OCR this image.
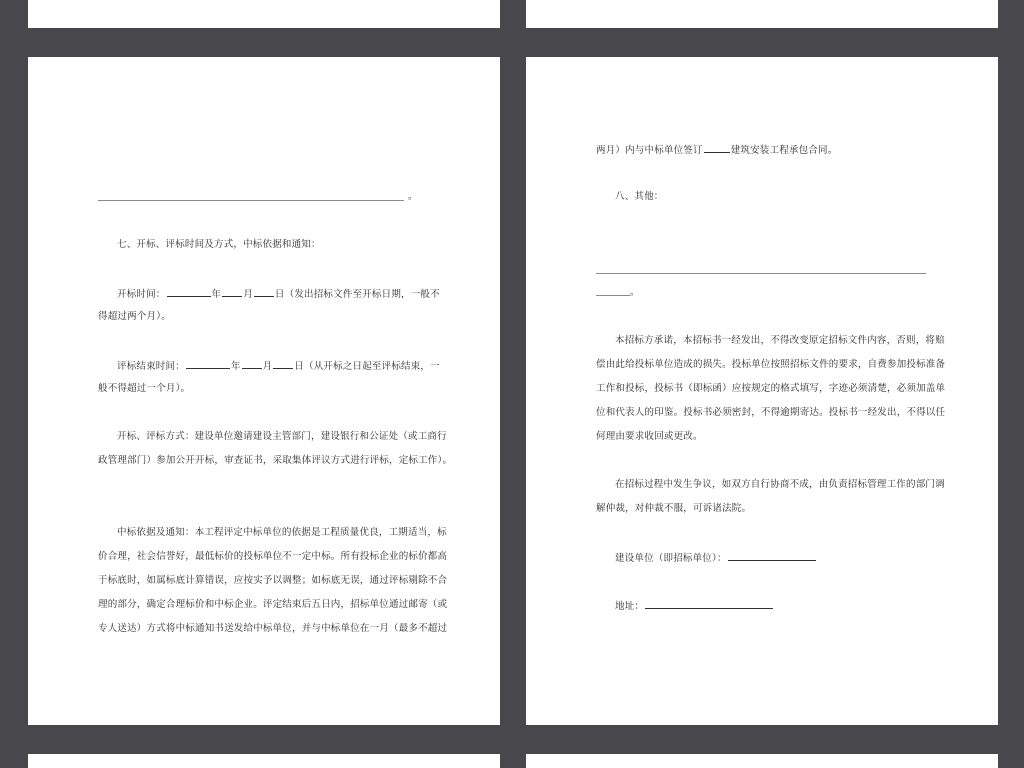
。
七、开标、评标时间及方式，中标依据和通知：
开标时间：	年 月 日（发出招标文件至开标日期，一般不
得超过两个月）。
评标结束时间：	年 月 日（从开标之日起至评标结束，一
般不得超过一个月）。
开标、评标方式：建设单位邀请建设主管部门，建设银行和公证处（或工商行
政管理部门）参加公开开标，审查证书，采取集体评议方式进行评标，定标工作）。
中标依据及通知：本工程评定中标单位的依据是工程质量优良，工期适当，标
价合理，社会信誉好，最低标价的投标单位不一定中标。所有投标企业的标价都高
于标底时，如属标底计算错误，应按实予以调整；如标底无误，通过评标剔除不合
理的部分，确定合理标价和中标企业。评定结束后五日内，招标单位通过邮寄（或
专人送达）方式将中标通知书送发给中标单位，并与中标单位在一月（最多不超过
两月）内与中标单位签订	建筑安装工程承包合同。
八、其他：
。
本招标方承诺，本招标书一经发出，不得改变原定招标文件内容，否则，将赔
偿由此给投标单位造成的损失。投标单位按照招标文件的要求，自费参加投标准备
工作和投标，投标书（即标函）应按规定的格式填写，字迹必须清楚，必须加盖单
位和代表人的印鉴。投标书必须密封，不得逾期寄达。投标书一经发出，不得以任
何理由要求收回或更改。
在招标过程中发生争议，如双方自行协商不成，由负责招标管理工作的部门调
解仲裁，对仲裁不服，可诉诸法院。
建设单位（即招标单位）：
地址：
